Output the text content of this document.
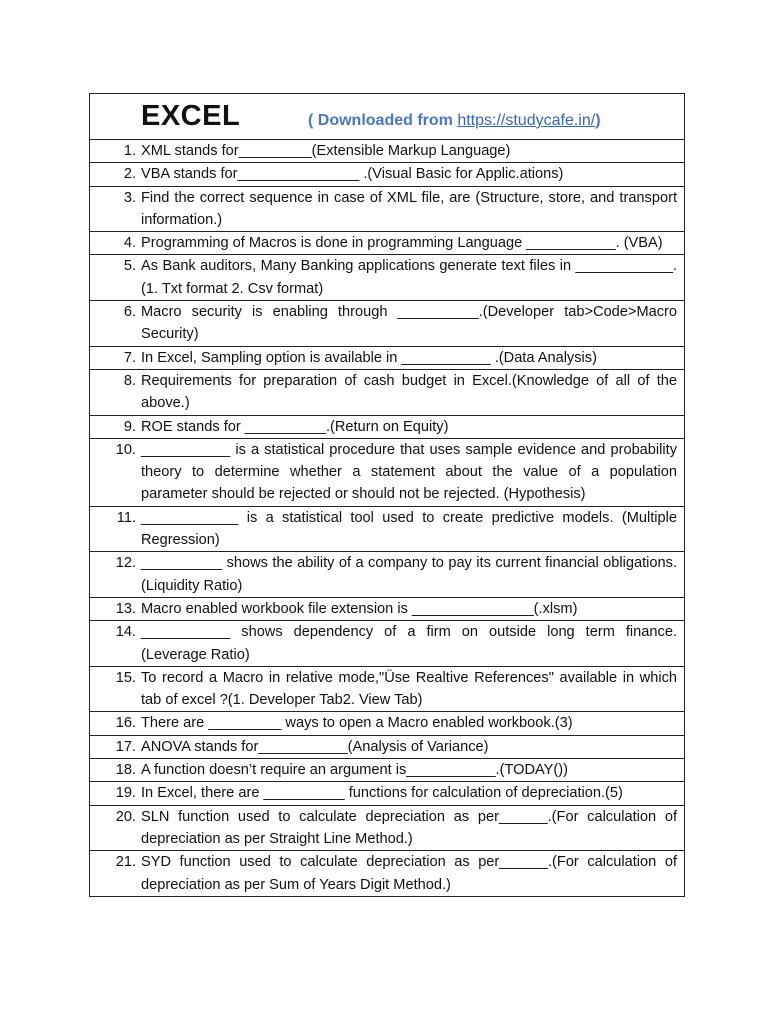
EXCEL	( Downloaded from https://studycafe.in/)

1. XML stands for_________(Extensible Markup Language)

2. VBA stands for_______________ .(Visual Basic for Applic.ations)

3. Find the correct sequence in case of XML file, are (Structure, store, and transport information.)

4. Programming of Macros is done in programming Language ___________. (VBA)

5. As Bank auditors, Many Banking applications generate text files in ____________.(1. Txt format 2. Csv format)

6. Macro security is enabling through __________.(Developer tab>Code>Macro Security)

7. In Excel, Sampling option is available in ___________ .(Data Analysis)

8. Requirements for preparation of cash budget in Excel.(Knowledge of all of the above.)

9. ROE stands for __________.(Return on Equity)

10. ___________ is a statistical procedure that uses sample evidence and probability theory to determine whether a statement about the value of a population parameter should be rejected or should not be rejected. (Hypothesis)

11. ____________ is a statistical tool used to create predictive models. (Multiple Regression)

12. __________ shows the ability of a company to pay its current financial obligations.(Liquidity Ratio)

13. Macro enabled workbook file extension is _______________(.xlsm)

14. ___________ shows dependency of a firm on outside long term finance. (Leverage Ratio)

15. To record a Macro in relative mode,"Üse Realtive References" available in which tab of excel ?(1. Developer Tab2. View Tab)

16. There are _________ ways to open a Macro enabled workbook.(3)

17. ANOVA stands for___________(Analysis of Variance)

18. A function doesn’t require an argument is___________.(TODAY())

19. In Excel, there are __________ functions for calculation of depreciation.(5)

20. SLN function used to calculate depreciation as per______.(For calculation of depreciation as per Straight Line Method.)

21. SYD function used to calculate depreciation as per______.(For calculation of depreciation as per Sum of Years Digit Method.)
